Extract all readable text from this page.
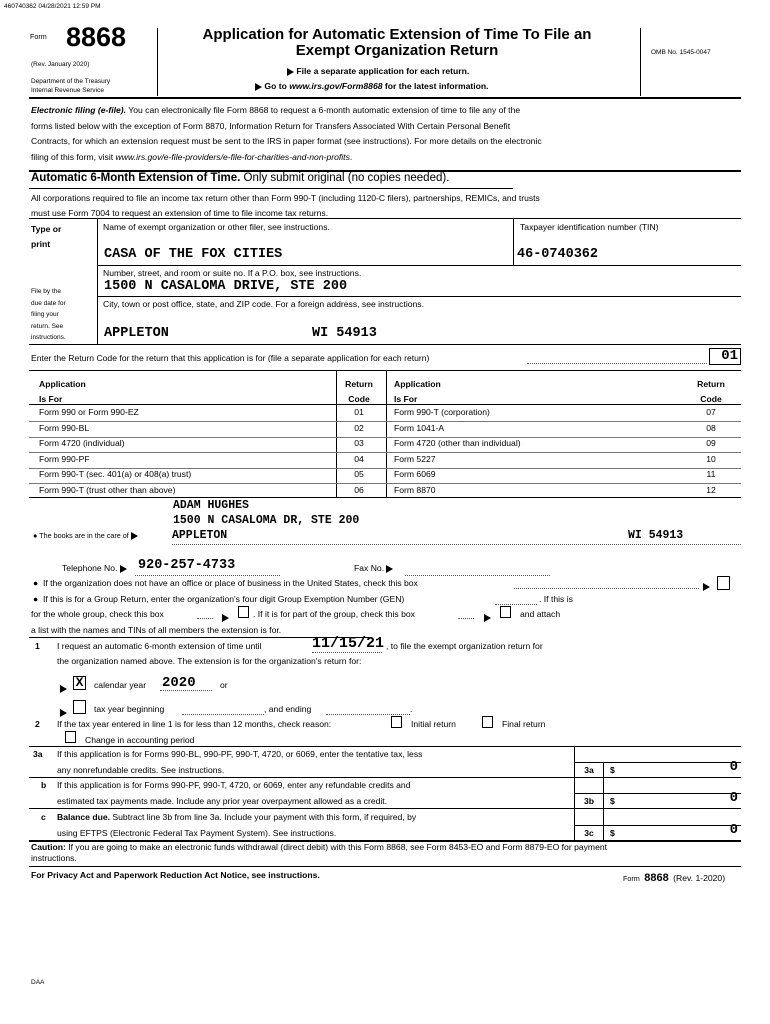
460740362 04/28/2021 12:59 PM
Form 8868
(Rev. January 2020)
Department of the Treasury
Internal Revenue Service
Application for Automatic Extension of Time To File an
Exempt Organization Return
File a separate application for each return.
Go to www.irs.gov/Form8868 for the latest information.
OMB No. 1545-0047
Electronic filing (e-file). You can electronically file Form 8868 to request a 6-month automatic extension of time to file any of the
forms listed below with the exception of Form 8870, Information Return for Transfers Associated With Certain Personal Benefit
Contracts, for which an extension request must be sent to the IRS in paper format (see instructions). For more details on the electronic
filing of this form, visit www.irs.gov/e-file-providers/e-file-for-charities-and-non-profits.
Automatic 6-Month Extension of Time. Only submit original (no copies needed).
All corporations required to file an income tax return other than Form 990-T (including 1120-C filers), partnerships, REMICs, and trusts
must use Form 7004 to request an extension of time to file income tax returns.
Type or
print
File by the
due date for
filing your
return. See
instructions.
Name of exempt organization or other filer, see instructions.	Taxpayer identification number (TIN)
CASA OF THE FOX CITIES	46-0740362
Number, street, and room or suite no. If a P.O. box, see instructions.
1500 N CASALOMA DRIVE, STE 200
City, town or post office, state, and ZIP code. For a foreign address, see instructions.
APPLETON	WI 54913
Enter the Return Code for the return that this application is for (file a separate application for each return)	01
Application
Is For
Return
Code
Application
Is For
Return
Code
Form 990 or Form 990-EZ	01
Form 990-BL	02
Form 4720 (individual)	03
Form 990-PF	04
Form 990-T (sec. 401(a) or 408(a) trust)	05
Form 990-T (trust other than above)	06
Form 990-T (corporation)	07
Form 1041-A	08
Form 4720 (other than individual)	09
Form 5227	10
Form 6069	11
Form 8870	12
ADAM HUGHES
1500 N CASALOMA DR, STE 200
● The books are in the care of	APPLETON	WI 54913
Telephone No.	920-257-4733	Fax No.
●  If the organization does not have an office or place of business in the United States, check this box
●  If this is for a Group Return, enter the organization's four digit Group Exemption Number (GEN)	. If this is
for the whole group, check this box	. If it is for part of the group, check this box	and attach
a list with the names and TINs of all members the extension is for.
1 I request an automatic 6-month extension of time until	11/15/21 , to file the exempt organization return for
the organization named above. The extension is for the organization's return for:
X	calendar year 2020	or
tax year beginning	, and ending	.
2 If the tax year entered in line 1 is for less than 12 months, check reason:	Initial return	Final return
Change in accounting period
3a If this application is for Forms 990-BL, 990-PF, 990-T, 4720, or 6069, enter the tentative tax, less
any nonrefundable credits. See instructions.	3a	$	0
b If this application is for Forms 990-PF, 990-T, 4720, or 6069, enter any refundable credits and
estimated tax payments made. Include any prior year overpayment allowed as a credit.	3b	$	0
c Balance due. Subtract line 3b from line 3a. Include your payment with this form, if required, by
using EFTPS (Electronic Federal Tax Payment System). See instructions.	3c	$	0
Caution: If you are going to make an electronic funds withdrawal (direct debit) with this Form 8868, see Form 8453-EO and Form 8879-EO for payment
instructions.
For Privacy Act and Paperwork Reduction Act Notice, see instructions.	Form 8868 (Rev. 1-2020)
DAA
